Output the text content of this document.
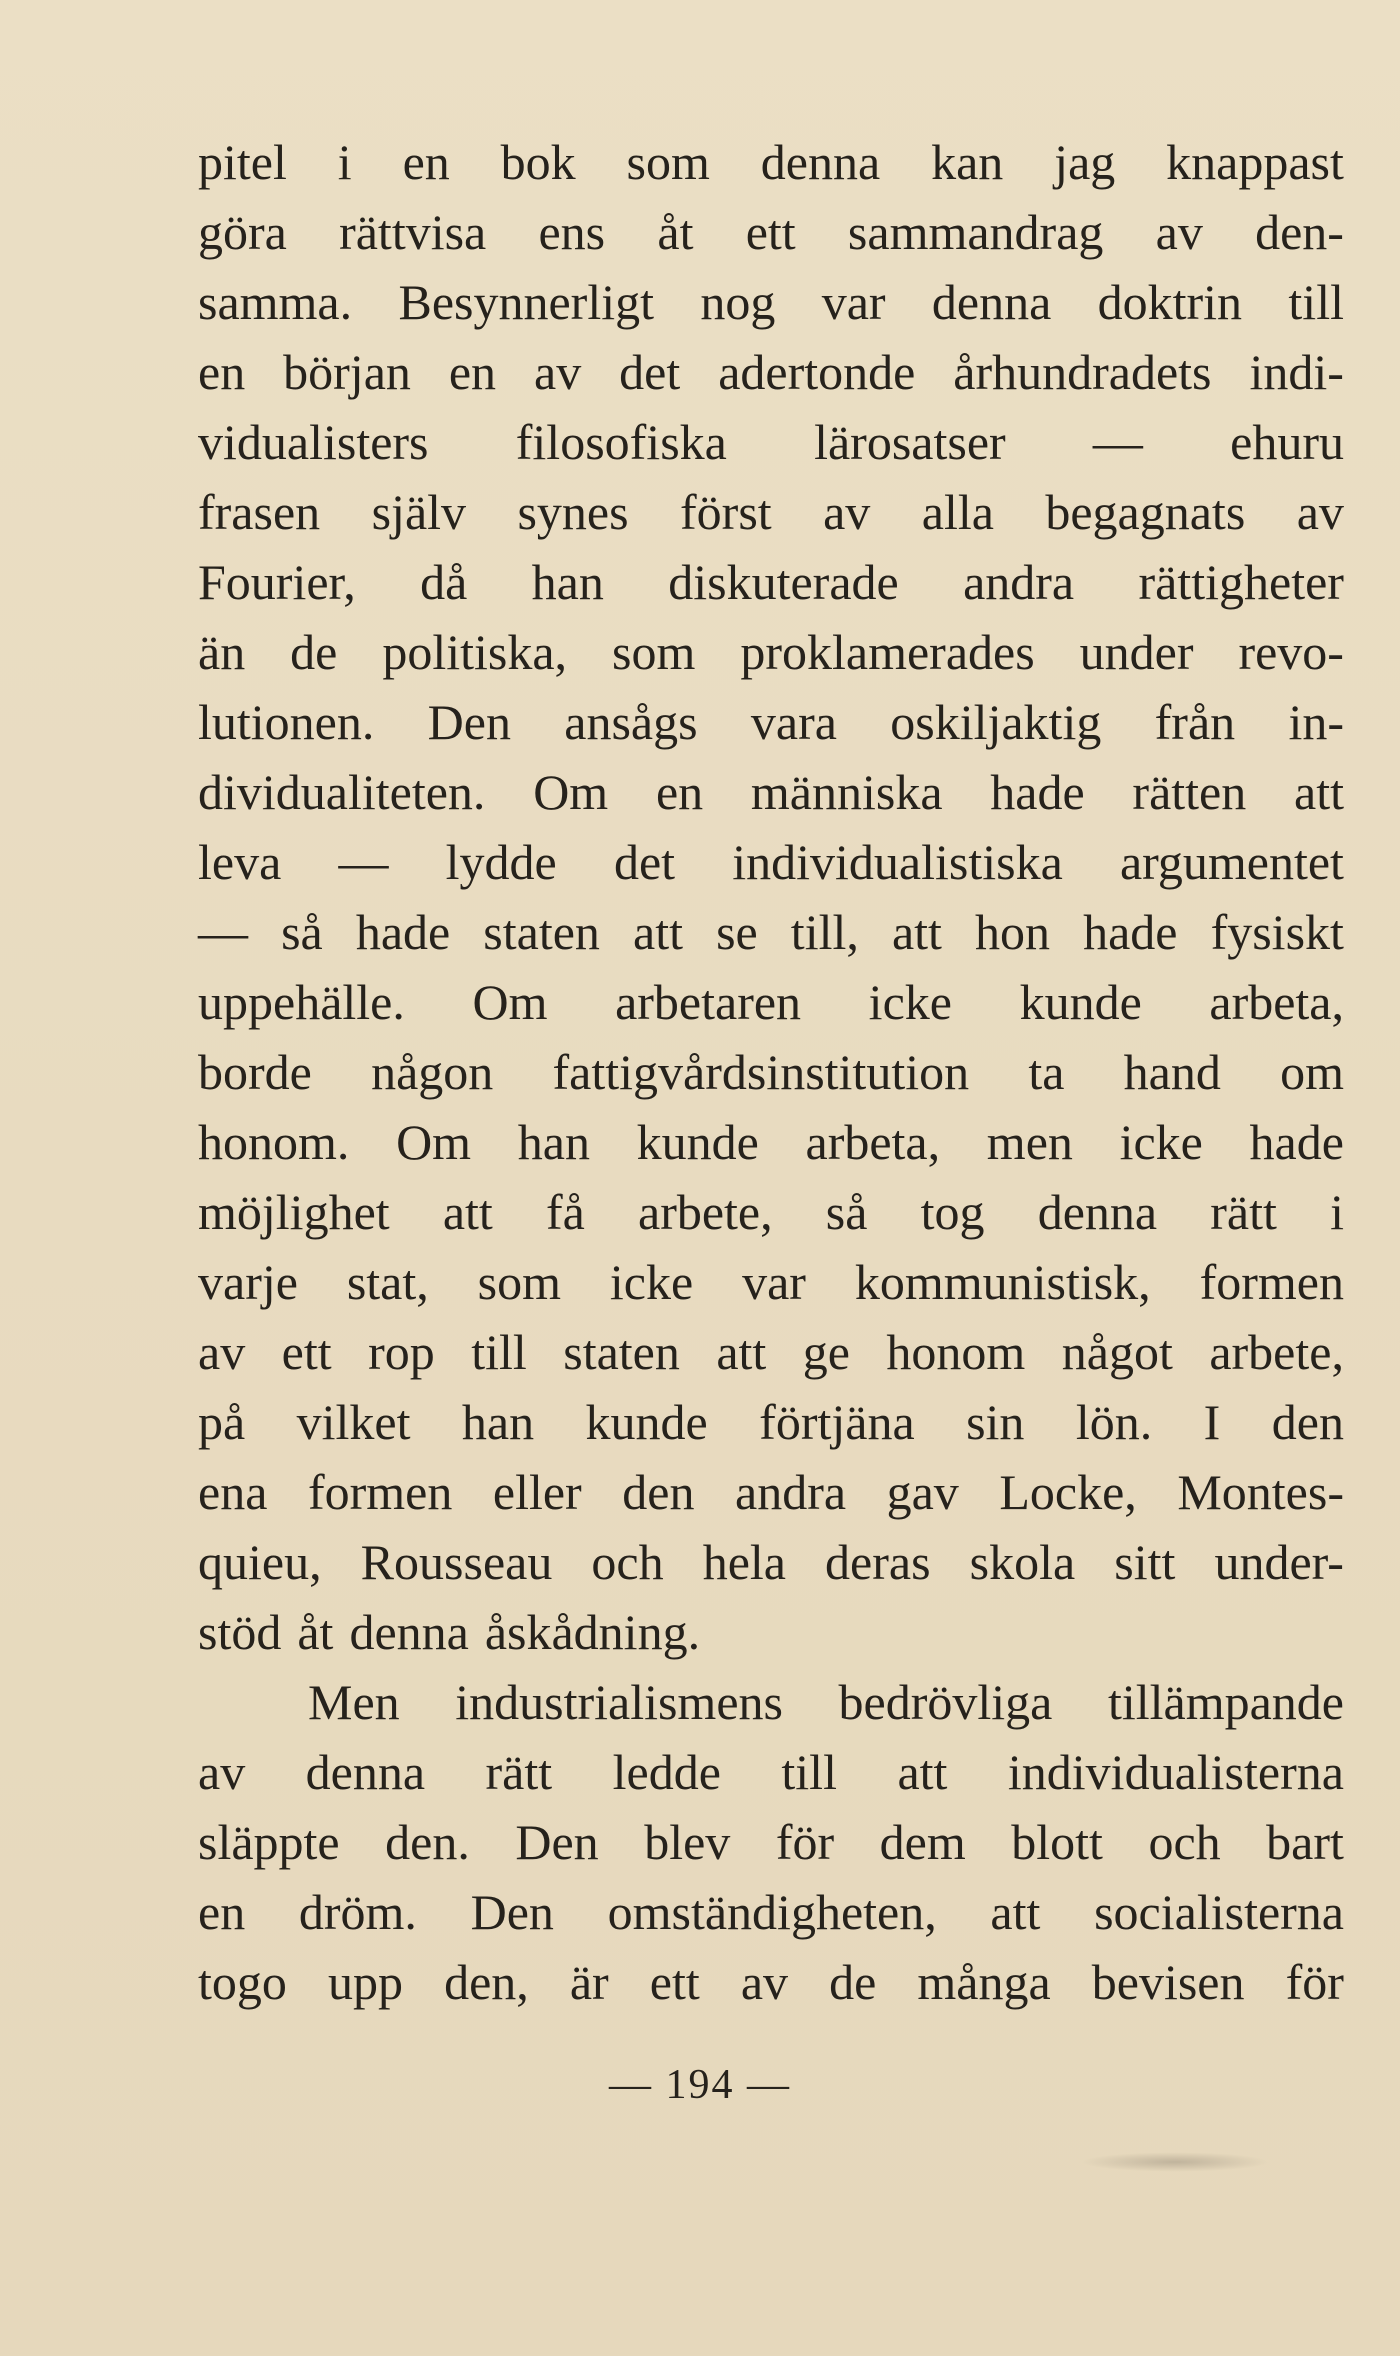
pitel i en bok som denna kan jag knappast
göra rättvisa ens åt ett sammandrag av den-
samma. Besynnerligt nog var denna doktrin till
en början en av det adertonde århundradets indi-
vidualisters filosofiska lärosatser — ehuru
frasen själv synes först av alla begagnats av
Fourier, då han diskuterade andra rättigheter
än de politiska, som proklamerades under revo-
lutionen. Den ansågs vara oskiljaktig från in-
dividualiteten. Om en människa hade rätten att
leva — lydde det individualistiska argumentet
— så hade staten att se till, att hon hade fysiskt
uppehälle. Om arbetaren icke kunde arbeta,
borde någon fattigvårdsinstitution ta hand om
honom. Om han kunde arbeta, men icke hade
möjlighet att få arbete, så tog denna rätt i
varje stat, som icke var kommunistisk, formen
av ett rop till staten att ge honom något arbete,
på vilket han kunde förtjäna sin lön. I den
ena formen eller den andra gav Locke, Montes-
quieu, Rousseau och hela deras skola sitt under-
stöd åt denna åskådning.
Men industrialismens bedrövliga tillämpande
av denna rätt ledde till att individualisterna
släppte den. Den blev för dem blott och bart
en dröm. Den omständigheten, att socialisterna
togo upp den, är ett av de många bevisen för
— 194 —
